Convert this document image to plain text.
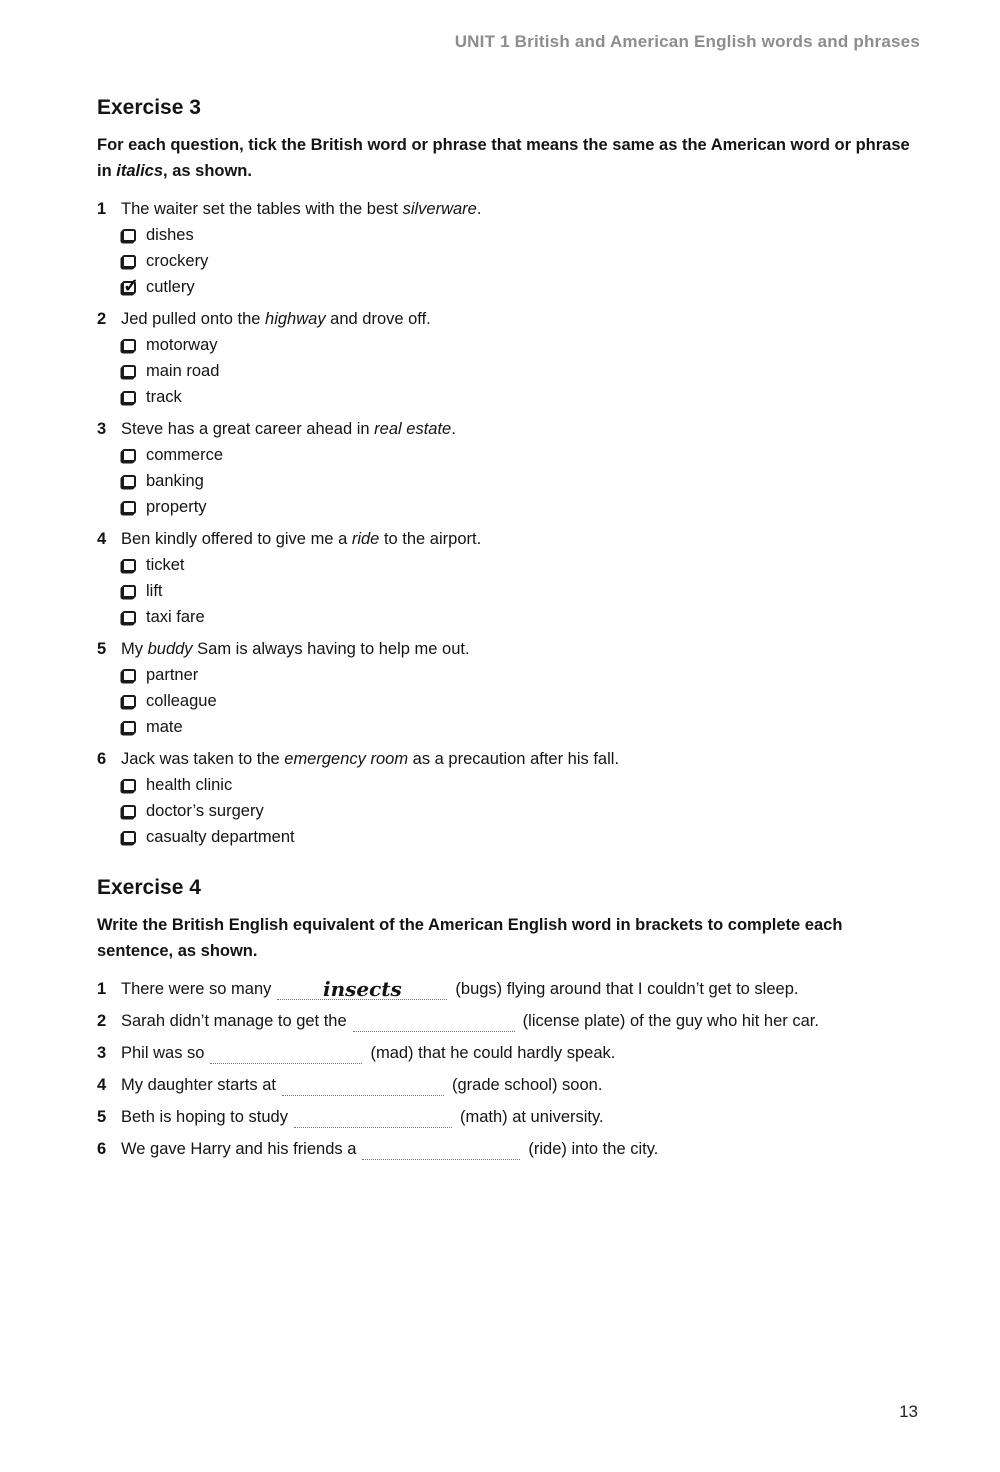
UNIT 1 British and American English words and phrases
Exercise 3

For each question, tick the British word or phrase that means the same as the American word or phrase in italics, as shown.

1 The waiter set the tables with the best silverware.
dishes
crockery
✓
cutlery
2 Jed pulled onto the highway and drove off.
motorway
main road
track
3 Steve has a great career ahead in real estate.
commerce
banking
property
4 Ben kindly offered to give me a ride to the airport.
ticket
lift
taxi fare
5 My buddy Sam is always having to help me out.
partner
colleague
mate
6 Jack was taken to the emergency room as a precaution after his fall.
health clinic
doctor’s surgery
casualty department
Exercise 4

Write the British English equivalent of the American English word in brackets to complete each sentence, as shown.

1 There were so many	insects	(bugs) flying around that I couldn’t get to sleep.
2 Sarah didn’t manage to get the	(license plate) of the guy who hit her car.
3 Phil was so	(mad) that he could hardly speak.
4 My daughter starts at	(grade school) soon.
5 Beth is hoping to study	(math) at university.
6 We gave Harry and his friends a	(ride) into the city.
13
